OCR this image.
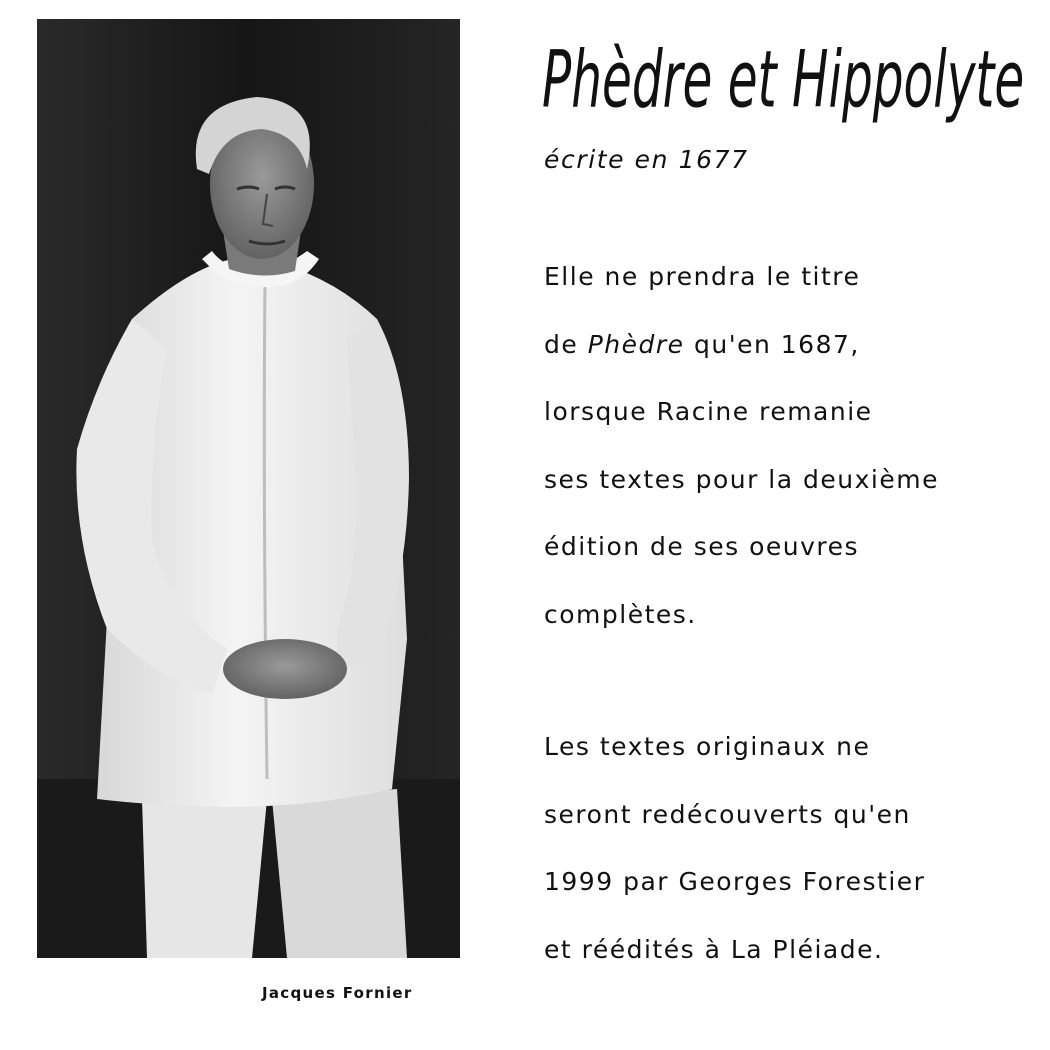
Jacques Fornier
Phèdre et Hippolyte
écrite en 1677
Elle ne prendra le titre
de Phèdre qu'en 1687,
lorsque Racine remanie
ses textes pour la deuxième
édition de ses oeuvres
complètes.
Les textes originaux ne
seront redécouverts qu'en
1999 par Georges Forestier
et réédités à La Pléiade.
